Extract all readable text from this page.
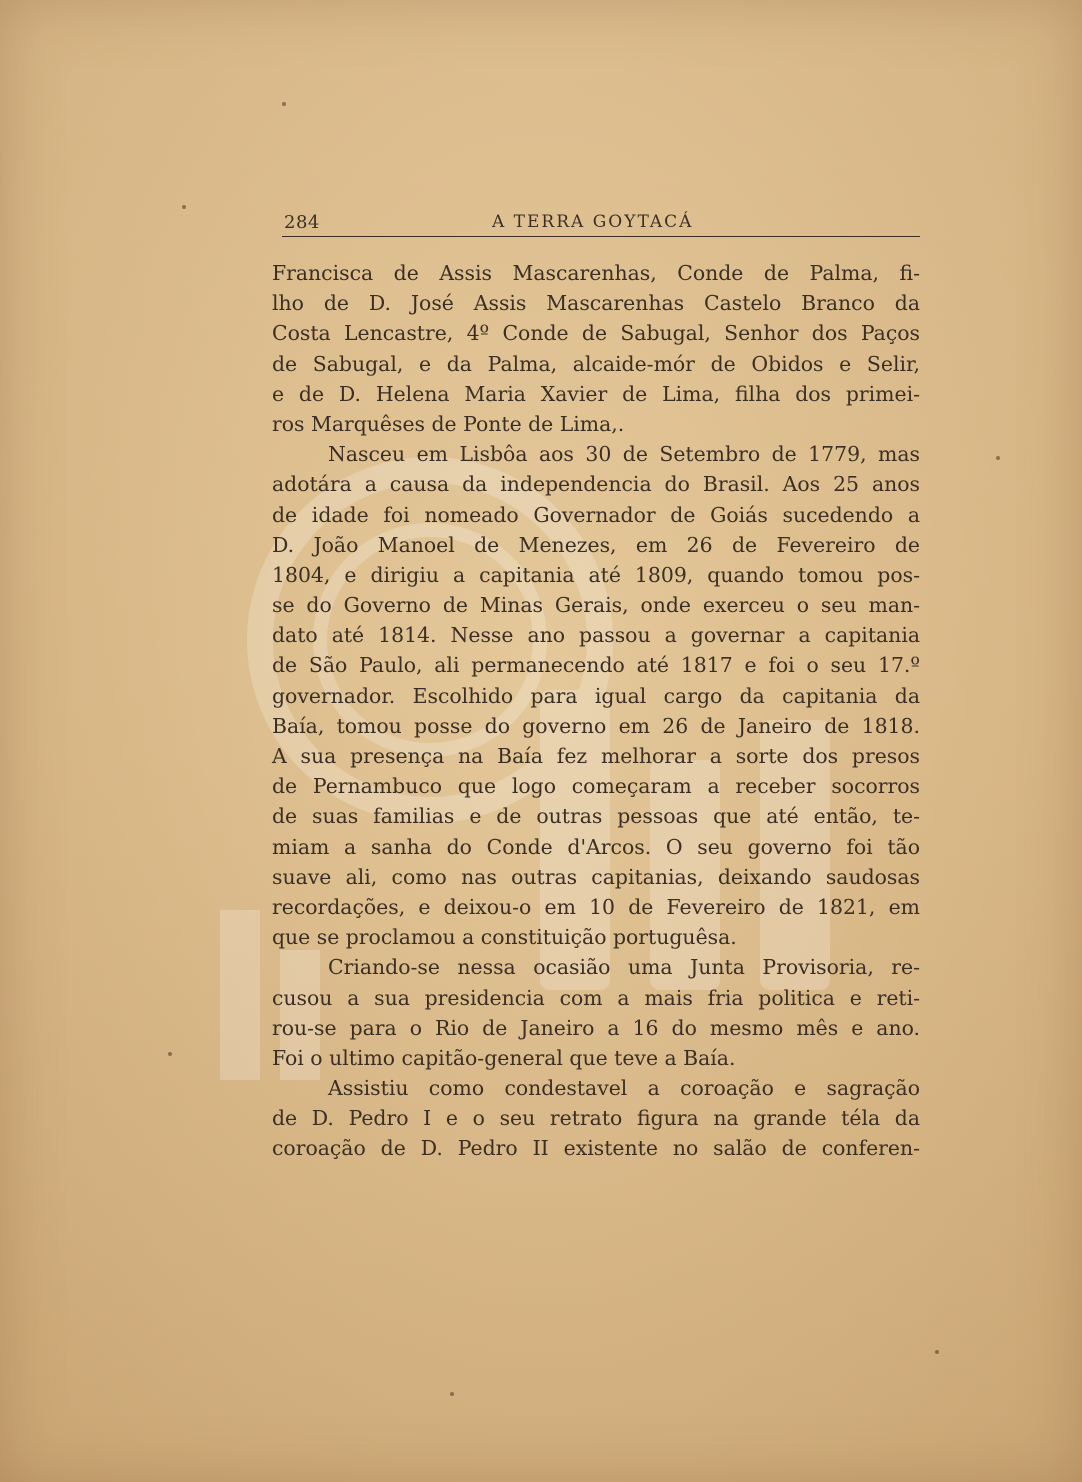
284	A TERRA GOYTACÁ
Francisca de Assis Mascarenhas, Conde de Palma, fi-
lho de D. José Assis Mascarenhas Castelo Branco da
Costa Lencastre, 4º Conde de Sabugal, Senhor dos Paços
de Sabugal, e da Palma, alcaide-mór de Obidos e Selir,
e de D. Helena Maria Xavier de Lima, filha dos primei-
ros Marquêses de Ponte de Lima,.
Nasceu em Lisbôa aos 30 de Setembro de 1779, mas
adotára a causa da independencia do Brasil. Aos 25 anos
de idade foi nomeado Governador de Goiás sucedendo a
D. João Manoel de Menezes, em 26 de Fevereiro de
1804, e dirigiu a capitania até 1809, quando tomou pos-
se do Governo de Minas Gerais, onde exerceu o seu man-
dato até 1814. Nesse ano passou a governar a capitania
de São Paulo, ali permanecendo até 1817 e foi o seu 17.º
governador. Escolhido para igual cargo da capitania da
Baía, tomou posse do governo em 26 de Janeiro de 1818.
A sua presença na Baía fez melhorar a sorte dos presos
de Pernambuco que logo começaram a receber socorros
de suas familias e de outras pessoas que até então, te-
miam a sanha do Conde d'Arcos. O seu governo foi tão
suave ali, como nas outras capitanias, deixando saudosas
recordações, e deixou-o em 10 de Fevereiro de 1821, em
que se proclamou a constituição portuguêsa.
Criando-se nessa ocasião uma Junta Provisoria, re-
cusou a sua presidencia com a mais fria politica e reti-
rou-se para o Rio de Janeiro a 16 do mesmo mês e ano.
Foi o ultimo capitão-general que teve a Baía.
Assistiu como condestavel a coroação e sagração
de D. Pedro I e o seu retrato figura na grande téla da
coroação de D. Pedro II existente no salão de conferen-
